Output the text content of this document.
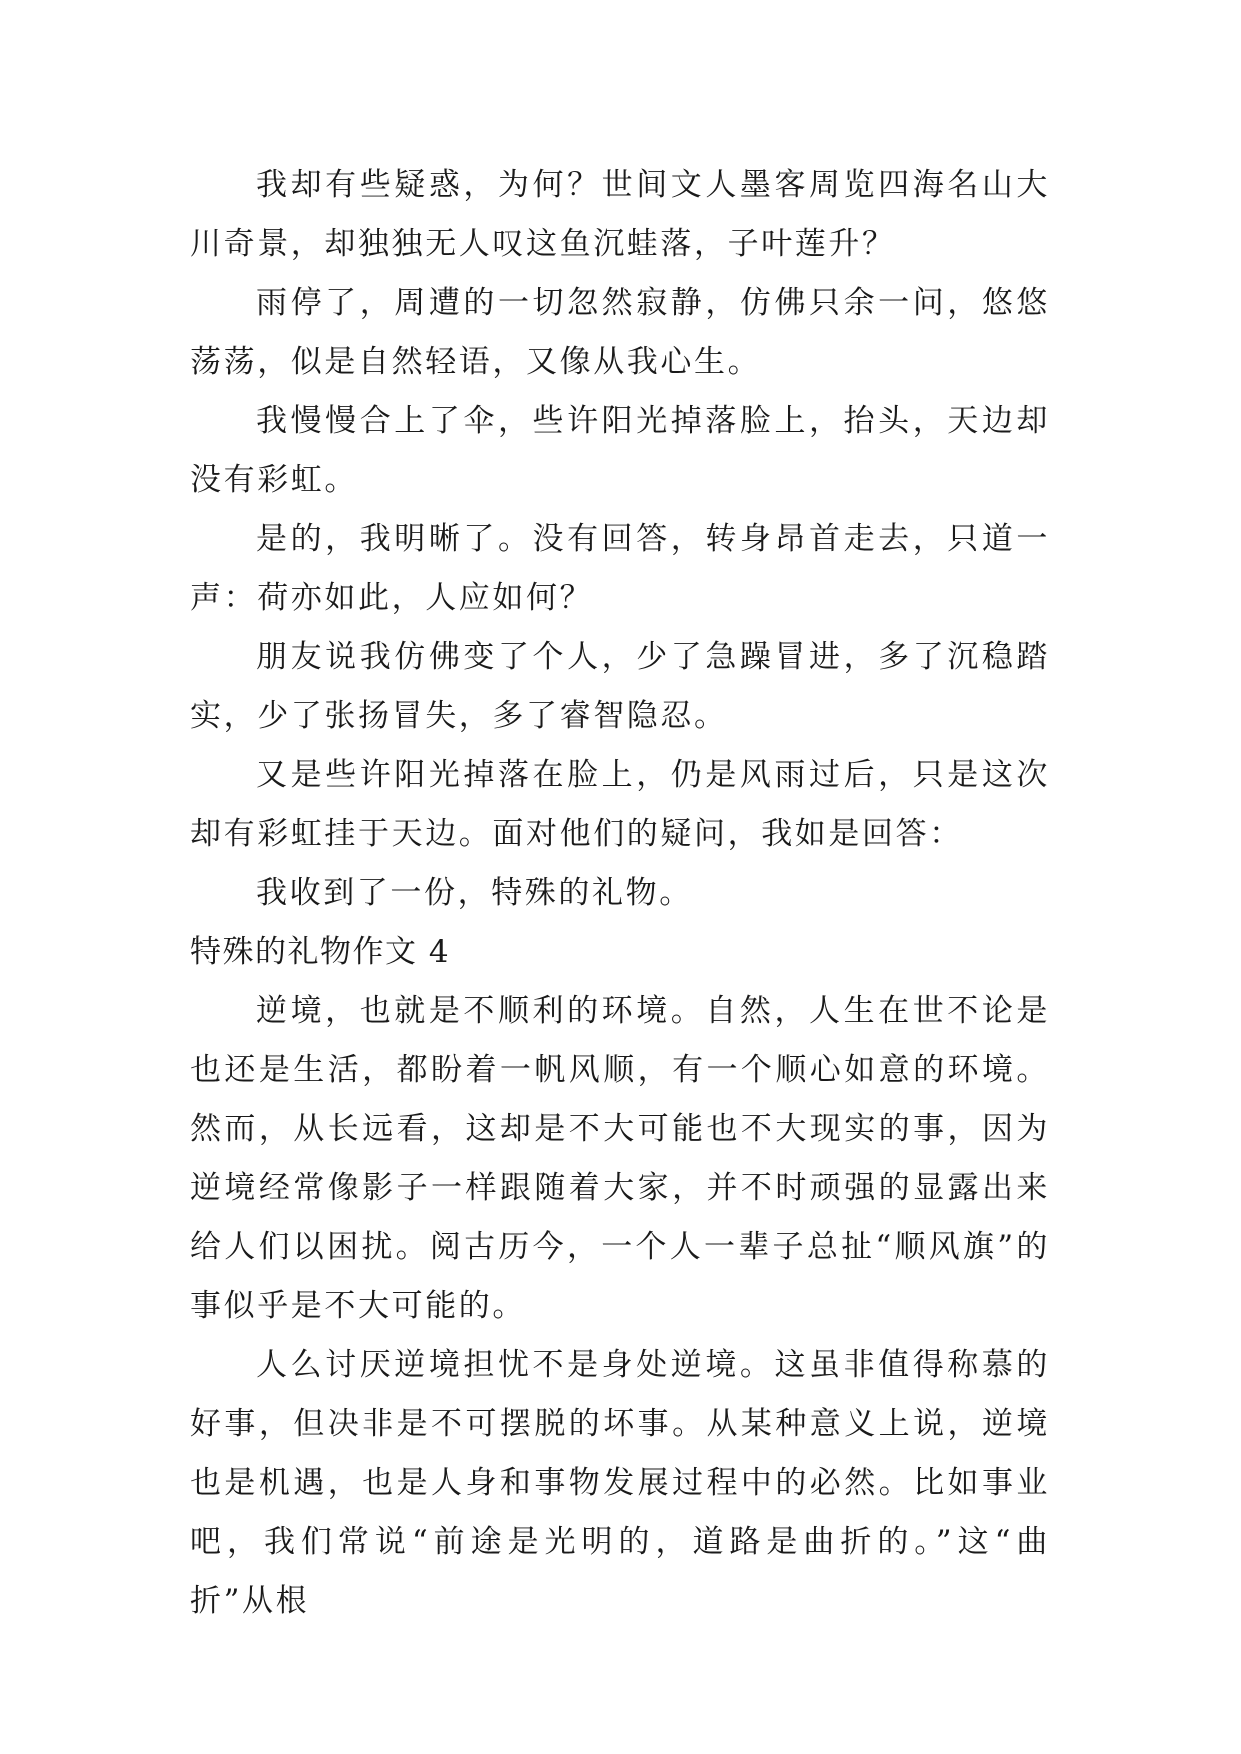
我却有些疑惑，为何？世间文人墨客周览四海名山大川奇景，却独独无人叹这鱼沉蛙落，子叶莲升？

雨停了，周遭的一切忽然寂静，仿佛只余一问，悠悠荡荡，似是自然轻语，又像从我心生。

我慢慢合上了伞，些许阳光掉落脸上，抬头，天边却没有彩虹。

是的，我明晰了。没有回答，转身昂首走去，只道一声：荷亦如此，人应如何？

朋友说我仿佛变了个人，少了急躁冒进，多了沉稳踏实，少了张扬冒失，多了睿智隐忍。

又是些许阳光掉落在脸上，仍是风雨过后，只是这次却有彩虹挂于天边。面对他们的疑问，我如是回答：

我收到了一份，特殊的礼物。

特殊的礼物作文 4

逆境，也就是不顺利的环境。自然，人生在世不论是也还是生活，都盼着一帆风顺，有一个顺心如意的环境。然而，从长远看，这却是不大可能也不大现实的事，因为逆境经常像影子一样跟随着大家，并不时顽强的显露出来给人们以困扰。阅古历今，一个人一辈子总扯“顺风旗”的事似乎是不大可能的。

人么讨厌逆境担忧不是身处逆境。这虽非值得称慕的好事，但决非是不可摆脱的坏事。从某种意义上说，逆境也是机遇，也是人身和事物发展过程中的必然。比如事业吧，我们常说“前途是光明的，道路是曲折的。”这“曲折”从根
